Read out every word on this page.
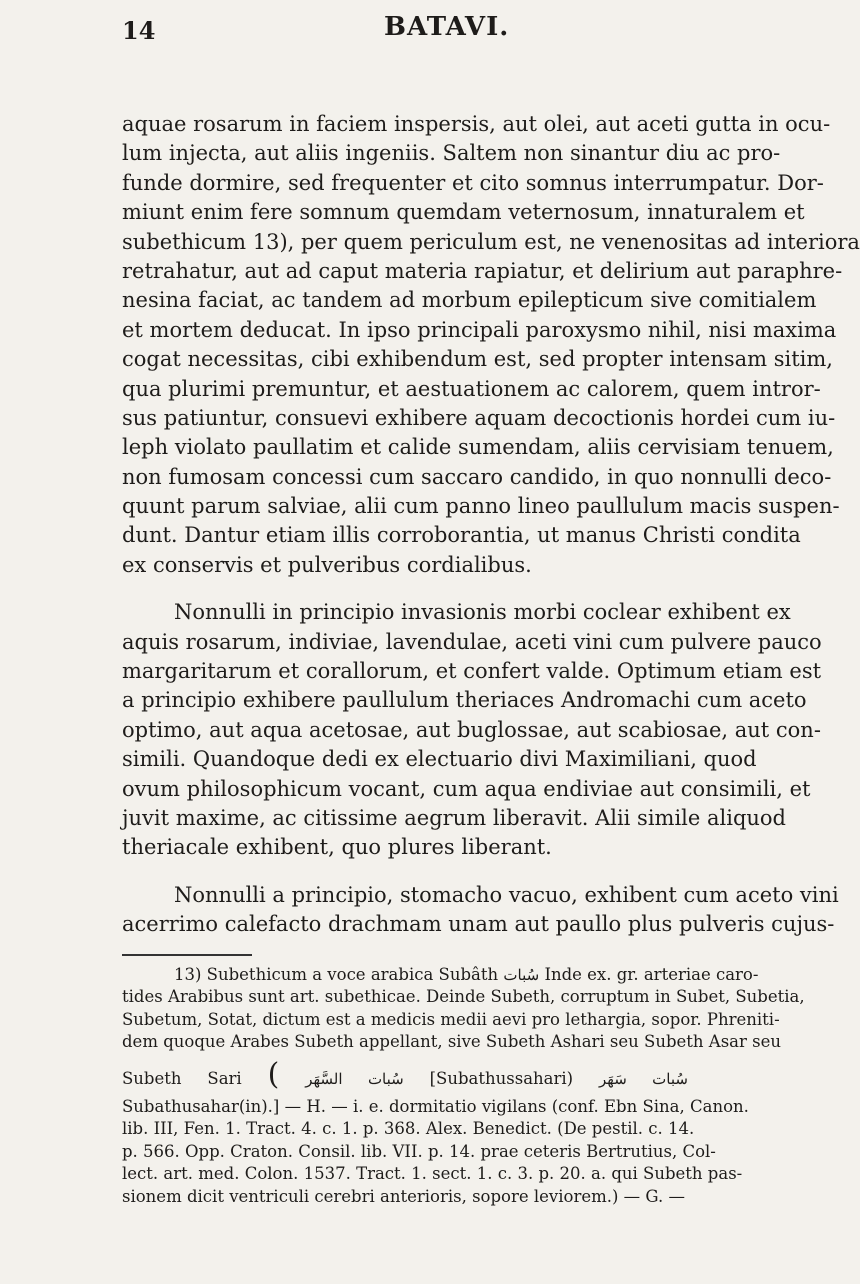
14	BATAVI.
aquae rosarum in faciem inspersis, aut olei, aut aceti gutta in ocu-
lum injecta, aut aliis ingeniis. Saltem non sinantur diu ac pro-
funde dormire, sed frequenter et cito somnus interrumpatur. Dor-
miunt enim fere somnum quemdam veternosum, innaturalem et
subethicum 13), per quem periculum est, ne venenositas ad interiora
retrahatur, aut ad caput materia rapiatur, et delirium aut paraphre-
nesina faciat, ac tandem ad morbum epilepticum sive comitialem
et mortem deducat. In ipso principali paroxysmo nihil, nisi maxima
cogat necessitas, cibi exhibendum est, sed propter intensam sitim,
qua plurimi premuntur, et aestuationem ac calorem, quem intror-
sus patiuntur, consuevi exhibere aquam decoctionis hordei cum iu-
leph violato paullatim et calide sumendam, aliis cervisiam tenuem,
non fumosam concessi cum saccaro candido, in quo nonnulli deco-
quunt parum salviae, alii cum panno lineo paullulum macis suspen-
dunt. Dantur etiam illis corroborantia, ut manus Christi condita
ex conservis et pulveribus cordialibus.
Nonnulli in principio invasionis morbi coclear exhibent ex
aquis rosarum, indiviae, lavendulae, aceti vini cum pulvere pauco
margaritarum et corallorum, et confert valde. Optimum etiam est
a principio exhibere paullulum theriaces Andromachi cum aceto
optimo, aut aqua acetosae, aut buglossae, aut scabiosae, aut con-
simili. Quandoque dedi ex electuario divi Maximiliani, quod
ovum philosophicum vocant, cum aqua endiviae aut consimili, et
juvit maxime, ac citissime aegrum liberavit. Alii simile aliquod
theriacale exhibent, quo plures liberant.
Nonnulli a principio, stomacho vacuo, exhibent cum aceto vini
acerrimo calefacto drachmam unam aut paullo plus pulveris cujus-
13) Subethicum a voce arabica Subâth سُبات Inde ex. gr. arteriae caro-
tides Arabibus sunt art. subethicae. Deinde Subeth, corruptum in Subet, Subetia,
Subetum, Sotat, dictum est a medicis medii aevi pro lethargia, sopor. Phreniti-
dem quoque Arabes Subeth appellant, sive Subeth Ashari seu Subeth Asar seu
Subeth Sari ( سُبات السَّهَر [Subathussahari) سُبات سَهَر
Subathusahar(in).] — H. — i. e. dormitatio vigilans (conf. Ebn Sina, Canon.
lib. III, Fen. 1. Tract. 4. c. 1. p. 368. Alex. Benedict. (De pestil. c. 14.
p. 566. Opp. Craton. Consil. lib. VII. p. 14. prae ceteris Bertrutius, Col-
lect. art. med. Colon. 1537. Tract. 1. sect. 1. c. 3. p. 20. a. qui Subeth pas-
sionem dicit ventriculi cerebri anterioris, sopore leviorem.) — G. —
